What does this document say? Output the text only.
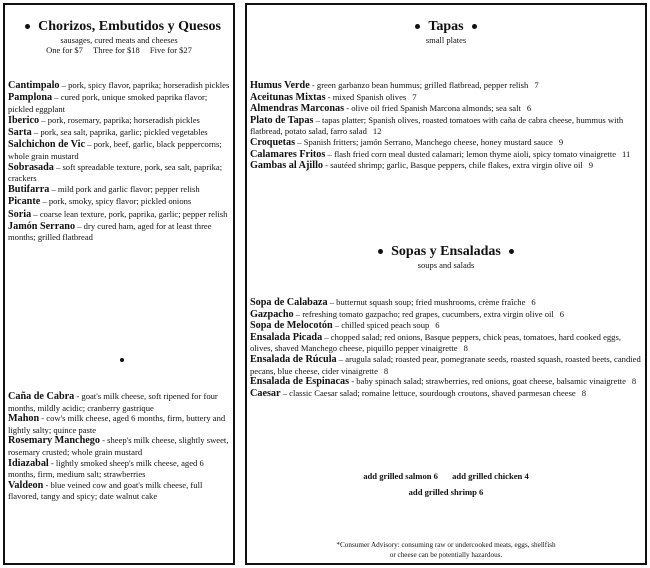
Chorizos, Embutidos y Quesos
sausages, cured meats and cheeses
One for $7 Three for $18 Five for $27

Cantimpalo – pork, spicy flavor, paprika; horseradish pickles

Pamplona – cured pork, unique smoked paprika flavor; pickled eggplant

Iberico – pork, rosemary, paprika; horseradish pickles

Sarta – pork, sea salt, paprika, garlic; pickled vegetables

Salchichon de Vic – pork, beef, garlic, black peppercorns; whole grain mustard

Sobrasada – soft spreadable texture, pork, sea salt, paprika; crackers

Butifarra – mild pork and garlic flavor; pepper relish

Picante – pork, smoky, spicy flavor; pickled onions

Soria – coarse lean texture, pork, paprika, garlic; pepper relish

Jamón Serrano – dry cured ham, aged for at least three months; grilled flatbread

Caña de Cabra - goat's milk cheese, soft ripened for four months, mildly acidic; cranberry gastrique

Mahon - cow's milk cheese, aged 6 months, firm, buttery and lightly salty; quince paste

Rosemary Manchego - sheep's milk cheese, slightly sweet, rosemary crusted; whole grain mustard

Idiazabal - lightly smoked sheep's milk cheese, aged 6 months, firm, medium salt; strawberries

Valdeon - blue veined cow and goat's milk cheese, full flavored, tangy and spicy; date walnut cake

Tapas
small plates

Humus Verde - green garbanzo bean hummus; grilled flatbread, pepper relish 7

Aceitunas Mixtas - mixed Spanish olives 7

Almendras Marconas - olive oil fried Spanish Marcona almonds; sea salt 6

Plato de Tapas – tapas platter; Spanish olives, roasted tomatoes with caña de cabra cheese, hummus with flatbread, potato salad, farro salad 12

Croquetas – Spanish fritters; jamón Serrano, Manchego cheese, honey mustard sauce 9

Calamares Fritos – flash fried corn meal dusted calamari; lemon thyme aioli, spicy tomato vinaigrette 11

Gambas al Ajillo - sautéed shrimp; garlic, Basque peppers, chile flakes, extra virgin olive oil 9

Sopas y Ensaladas
soups and salads

Sopa de Calabaza – butternut squash soup; fried mushrooms, crème fraîche 6

Gazpacho – refreshing tomato gazpacho; red grapes, cucumbers, extra virgin olive oil 6

Sopa de Melocotón – chilled spiced peach soup 6

Ensalada Picada – chopped salad; red onions, Basque peppers, chick peas, tomatoes, hard cooked eggs, olives, shaved Manchego cheese, piquillo pepper vinaigrette 8

Ensalada de Rúcula – arugula salad; roasted pear, pomegranate seeds, roasted squash, roasted beets, candied pecans, blue cheese, cider vinaigrette 8

Ensalada de Espinacas - baby spinach salad; strawberries, red onions, goat cheese, balsamic vinaigrette 8

Caesar – classic Caesar salad; romaine lettuce, sourdough croutons, shaved parmesan cheese 8

add grilled salmon 6 add grilled chicken 4
add grilled shrimp 6
*Consumer Advisory: consuming raw or undercooked meats, eggs, shellfish
or cheese can be potentially hazardous.
